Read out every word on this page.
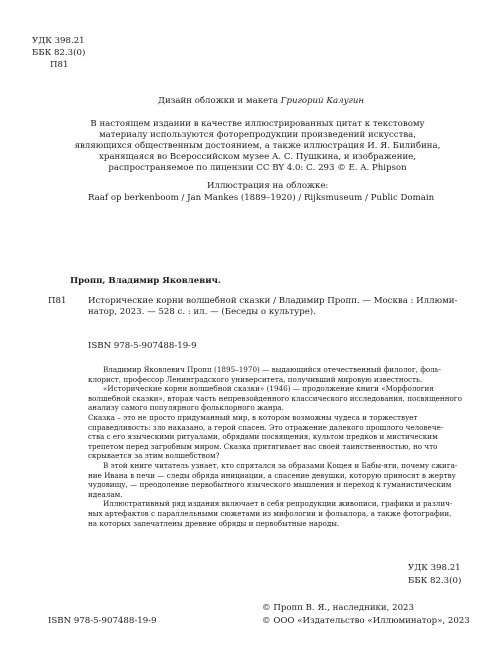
УДК 398.21
ББК 82.3(0)
П81
Дизайн обложки и макета Григорий Калугин
В настоящем издании в качестве иллюстрированных цитат к текстовому
материалу используются фоторепродукции произведений искусства,
являющихся общественным достоянием, а также иллюстрация И. Я. Билибина,
хранящаяся во Всероссийском музее А. С. Пушкина, и изображение,
распространяемое по лицензии CC BY 4.0: С. 293 © E. A. Phipson
Иллюстрация на обложке:
Raaf op berkenboom / Jan Mankes (1889–1920) / Rijksmuseum / Public Domain
Пропп, Владимир Яковлевич.
П81	Исторические корни волшебной сказки / Владимир Пропп. — Москва : Иллюми-
натор, 2023. — 528 с. : ил. — (Беседы о культуре).
ISBN 978-5-907488-19-9

Владимир Яковлевич Пропп (1895–1970) — выдающийся отечественный филолог, фоль-
клорист, профессор Ленинградского университета, получивший мировую известность.
«Исторические корни волшебной сказки» (1946) — продолжение книги «Морфология
волшебной сказки», вторая часть непревзойденного классического исследования, посвященного
анализу самого популярного фольклорного жанра.

Сказка – это не просто придуманный мир, в котором возможны чудеса и торжествует
справедливость: зло наказано, а герой спасен. Это отражение далекого прошлого человече-
ства с его языческими ритуалами, обрядами посвящения, культом предков и мистическим
трепетом перед загробным миром. Сказка притягивает нас своей таинственностью, но что
скрывается за этим волшебством?

В этой книге читатель узнает, кто спрятался за образами Кощея и Бабы-яги, почему сжига-
ние Ивана в печи — следы обряда инициации, а спасение девушки, которую приносят в жертву
чудовищу, — преодоление первобытного языческого мышления и переход к гуманистическим
идеалам.

Иллюстративный ряд издания включает в себя репродукции живописи, графики и различ-
ных артефактов с параллельными сюжетами из мифологии и фольклора, а также фотографии,
на которых запечатлены древние обряды и первобытные народы.

УДК 398.21
ББК 82.3(0)
ISBN 978-5-907488-19-9
© Пропп В. Я., наследники, 2023
© ООО «Издательство «Иллюминатор», 2023
